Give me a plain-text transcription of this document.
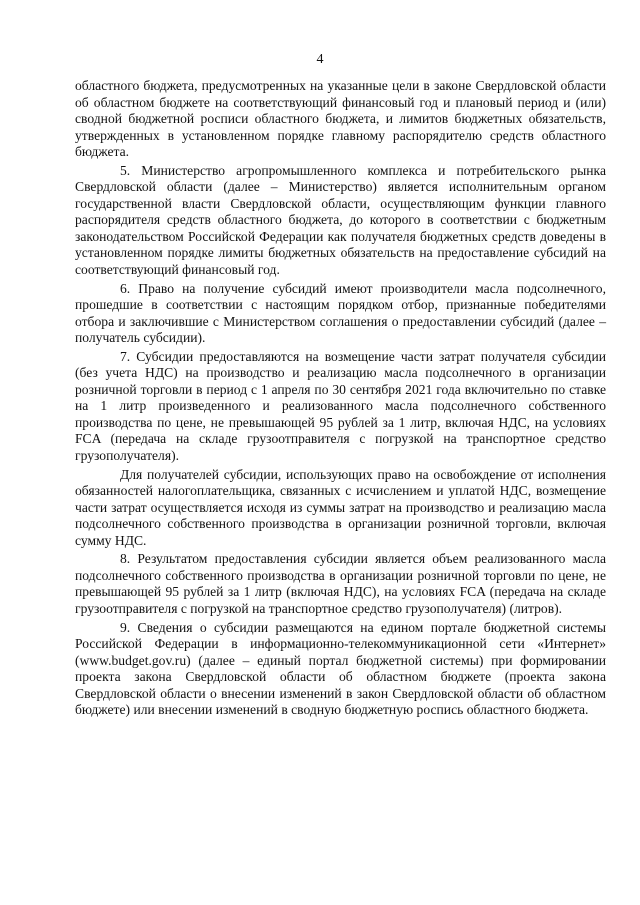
4

областного бюджета, предусмотренных на указанные цели в законе Свердловской области об областном бюджете на соответствующий финансовый год и плановый период и (или) сводной бюджетной росписи областного бюджета, и лимитов бюджетных обязательств, утвержденных в установленном порядке главному распорядителю средств областного бюджета.

5. Министерство агропромышленного комплекса и потребительского рынка Свердловской области (далее – Министерство) является исполнительным органом государственной власти Свердловской области, осуществляющим функции главного распорядителя средств областного бюджета, до которого в соответствии с бюджетным законодательством Российской Федерации как получателя бюджетных средств доведены в установленном порядке лимиты бюджетных обязательств на предоставление субсидий на соответствующий финансовый год.

6. Право на получение субсидий имеют производители масла подсолнечного, прошедшие в соответствии с настоящим порядком отбор, признанные победителями отбора и заключившие с Министерством соглашения о предоставлении субсидий (далее – получатель субсидии).

7. Субсидии предоставляются на возмещение части затрат получателя субсидии (без учета НДС) на производство и реализацию масла подсолнечного в организации розничной торговли в период с 1 апреля по 30 сентября 2021 года включительно по ставке на 1 литр произведенного и реализованного масла подсолнечного собственного производства по цене, не превышающей 95 рублей за 1 литр, включая НДС, на условиях FCA (передача на складе грузоотправителя с погрузкой на транспортное средство грузополучателя).

Для получателей субсидии, использующих право на освобождение от исполнения обязанностей налогоплательщика, связанных с исчислением и уплатой НДС, возмещение части затрат осуществляется исходя из суммы затрат на производство и реализацию масла подсолнечного собственного производства в организации розничной торговли, включая сумму НДС.

8. Результатом предоставления субсидии является объем реализованного масла подсолнечного собственного производства в организации розничной торговли по цене, не превышающей 95 рублей за 1 литр (включая НДС), на условиях FCA (передача на складе грузоотправителя с погрузкой на транспортное средство грузополучателя) (литров).

9. Сведения о субсидии размещаются на едином портале бюджетной системы Российской Федерации в информационно-телекоммуникационной сети «Интернет» (www.budget.gov.ru) (далее – единый портал бюджетной системы) при формировании проекта закона Свердловской области об областном бюджете (проекта закона Свердловской области о внесении изменений в закон Свердловской области об областном бюджете) или внесении изменений в сводную бюджетную роспись областного бюджета.
